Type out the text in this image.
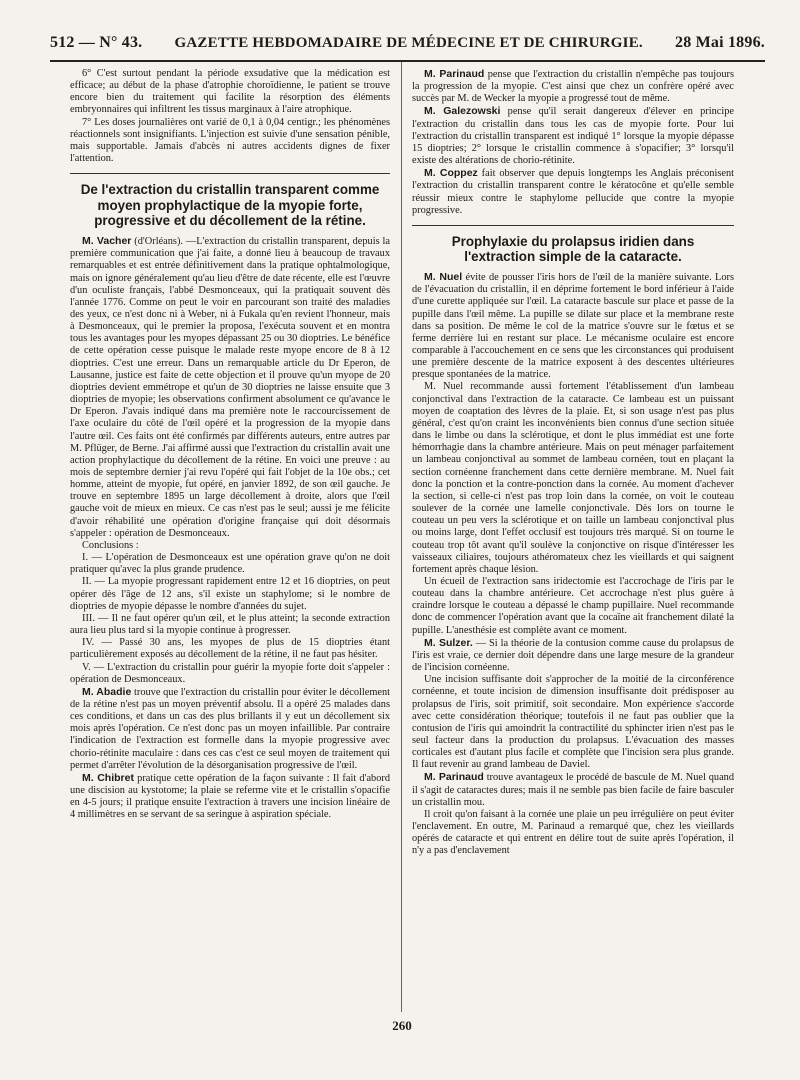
512 — N° 43. GAZETTE HEBDOMADAIRE DE MÉDECINE ET DE CHIRURGIE. 28 Mai 1896.

6° C'est surtout pendant la période exsudative que la médication est efficace; au début de la phase d'atrophie choroïdienne, le patient se trouve encore bien du traitement qui facilite la résorption des éléments embryonnaires qui infiltrent les tissus marginaux à l'aire atrophique.

7° Les doses journalières ont varié de 0,1 à 0,04 centigr.; les phénomènes réactionnels sont insignifiants. L'injection est suivie d'une sensation pénible, mais supportable. Jamais d'abcès ni autres accidents dignes de fixer l'attention.

De l'extraction du cristallin transparent comme moyen prophylactique de la myopie forte, progressive et du décollement de la rétine.

M. Vacher (d'Orléans). —L'extraction du cristallin transparent, depuis la première communication que j'ai faite, a donné lieu à beaucoup de travaux remarquables et est entrée définitivement dans la pratique ophtalmologique, mais on ignore généralement qu'au lieu d'être de date récente, elle est l'œuvre d'un oculiste français, l'abbé Desmonceaux, qui la pratiquait souvent dès l'année 1776. Comme on peut le voir en parcourant son traité des maladies des yeux, ce n'est donc ni à Weber, ni à Fukala qu'en revient l'honneur, mais à Desmonceaux, qui le premier la proposa, l'exécuta souvent et en montra tous les avantages pour les myopes dépassant 25 ou 30 dioptries. Le bénéfice de cette opération cesse puisque le malade reste myope encore de 8 à 12 dioptries. C'est une erreur. Dans un remarquable article du Dr Eperon, de Lausanne, justice est faite de cette objection et il prouve qu'un myope de 20 dioptries devient emmétrope et qu'un de 30 dioptries ne laisse ensuite que 3 dioptries de myopie; les observations confirment absolument ce qu'avance le Dr Eperon. J'avais indiqué dans ma première note le raccourcissement de l'axe oculaire du côté de l'œil opéré et la progression de la myopie dans l'autre œil. Ces faits ont été confirmés par différents auteurs, entre autres par M. Pflüger, de Berne. J'ai affirmé aussi que l'extraction du cristallin avait une action prophylactique du décollement de la rétine. En voici une preuve : au mois de septembre dernier j'ai revu l'opéré qui fait l'objet de la 10e obs.; cet homme, atteint de myopie, fut opéré, en janvier 1892, de son œil gauche. Je trouve en septembre 1895 un large décollement à droite, alors que l'œil gauche voit de mieux en mieux. Ce cas n'est pas le seul; aussi je me félicite d'avoir réhabilité une opération d'origine française qui doit désormais s'appeler : opération de Desmonceaux.

Conclusions :

I. — L'opération de Desmonceaux est une opération grave qu'on ne doit pratiquer qu'avec la plus grande prudence.

II. — La myopie progressant rapidement entre 12 et 16 dioptries, on peut opérer dès l'âge de 12 ans, s'il existe un staphylome; si le nombre de dioptries de myopie dépasse le nombre d'années du sujet.

III. — Il ne faut opérer qu'un œil, et le plus atteint; la seconde extraction aura lieu plus tard si la myopie continue à progresser.

IV. — Passé 30 ans, les myopes de plus de 15 dioptries étant particulièrement exposés au décollement de la rétine, il ne faut pas hésiter.

V. — L'extraction du cristallin pour guérir la myopie forte doit s'appeler : opération de Desmonceaux.

M. Abadie trouve que l'extraction du cristallin pour éviter le décollement de la rétine n'est pas un moyen préventif absolu. Il a opéré 25 malades dans ces conditions, et dans un cas des plus brillants il y eut un décollement six mois après l'opération. Ce n'est donc pas un moyen infaillible. Par contraire l'indication de l'extraction est formelle dans la myopie progressive avec chorio-rétinite maculaire : dans ces cas c'est ce seul moyen de traitement qui permet d'arrêter l'évolution de la désorganisation progressive de l'œil.

M. Chibret pratique cette opération de la façon suivante : Il fait d'abord une discision au kystotome; la plaie se referme vite et le cristallin s'opacifie en 4-5 jours; il pratique ensuite l'extraction à travers une incision linéaire de 4 millimètres en se servant de sa seringue à aspiration spéciale.

M. Parinaud pense que l'extraction du cristallin n'empêche pas toujours la progression de la myopie. C'est ainsi que chez un confrère opéré avec succès par M. de Wecker la myopie a progressé tout de même.

M. Galezowski pense qu'il serait dangereux d'élever en principe l'extraction du cristallin dans tous les cas de myopie forte. Pour lui l'extraction du cristallin transparent est indiqué 1° lorsque la myopie dépasse 15 dioptries; 2° lorsque le cristallin commence à s'opacifier; 3° lorsqu'il existe des altérations de chorio-rétinite.

M. Coppez fait observer que depuis longtemps les Anglais préconisent l'extraction du cristallin transparent contre le kératocône et qu'elle semble réussir mieux contre le staphylome pellucide que contre la myopie progressive.

Prophylaxie du prolapsus iridien dans l'extraction simple de la cataracte.

M. Nuel évite de pousser l'iris hors de l'œil de la manière suivante. Lors de l'évacuation du cristallin, il en déprime fortement le bord inférieur à l'aide d'une curette appliquée sur l'œil. La cataracte bascule sur place et passe de la pupille dans l'œil même. La pupille se dilate sur place et la membrane reste dans sa position. De même le col de la matrice s'ouvre sur le fœtus et se ferme derrière lui en restant sur place. Le mécanisme oculaire est encore comparable à l'accouchement en ce sens que les circonstances qui produisent une première descente de la matrice exposent à des descentes ultérieures presque spontanées de la matrice.

M. Nuel recommande aussi fortement l'établissement d'un lambeau conjonctival dans l'extraction de la cataracte. Ce lambeau est un puissant moyen de coaptation des lèvres de la plaie. Et, si son usage n'est pas plus général, c'est qu'on craint les inconvénients bien connus d'une section située dans le limbe ou dans la sclérotique, et dont le plus immédiat est une forte hémorrhagie dans la chambre antérieure. Mais on peut ménager parfaitement un lambeau conjonctival au sommet de lambeau cornéen, tout en plaçant la section cornéenne franchement dans cette dernière membrane. M. Nuel fait donc la ponction et la contre-ponction dans la cornée. Au moment d'achever la section, si celle-ci n'est pas trop loin dans la cornée, on voit le couteau soulever de la cornée une lamelle conjonctivale. Dès lors on tourne le couteau un peu vers la sclérotique et on taille un lambeau conjonctival plus ou moins large, dont l'effet occlusif est toujours très marqué. Si on tourne le couteau trop tôt avant qu'il soulève la conjonctive on risque d'intéresser les vaisseaux ciliaires, toujours athéromateux chez les vieillards et qui saignent fortement après chaque lésion.

Un écueil de l'extraction sans iridectomie est l'accrochage de l'iris par le couteau dans la chambre antérieure. Cet accrochage n'est plus guère à craindre lorsque le couteau a dépassé le champ pupillaire. Nuel recommande donc de commencer l'opération avant que la cocaïne ait franchement dilaté la pupille. L'anesthésie est complète avant ce moment.

M. Sulzer. — Si la théorie de la contusion comme cause du prolapsus de l'iris est vraie, ce dernier doit dépendre dans une large mesure de la grandeur de l'incision cornéenne.

Une incision suffisante doit s'approcher de la moitié de la circonférence cornéenne, et toute incision de dimension insuffisante doit prédisposer au prolapsus de l'iris, soit primitif, soit secondaire. Mon expérience s'accorde avec cette considération théorique; toutefois il ne faut pas oublier que la contusion de l'iris qui amoindrit la contractilité du sphincter irien n'est pas le seul facteur dans la production du prolapsus. L'évacuation des masses corticales est d'autant plus facile et complète que l'incision sera plus grande. Il faut revenir au grand lambeau de Daviel.

M. Parinaud trouve avantageux le procédé de bascule de M. Nuel quand il s'agit de cataractes dures; mais il ne semble pas bien facile de faire basculer un cristallin mou.

Il croit qu'on faisant à la cornée une plaie un peu irrégulière on peut éviter l'enclavement. En outre, M. Parinaud a remarqué que, chez les vieillards opérés de cataracte et qui entrent en délire tout de suite après l'opération, il n'y a pas d'enclavement

260
